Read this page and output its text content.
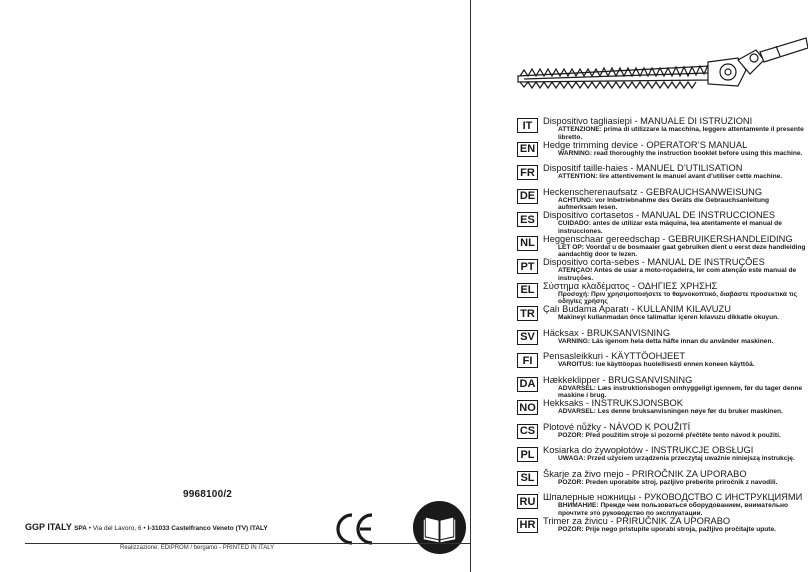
9968100/2
GGP ITALY SPA • Via del Lavoro, 6 • I-31033 Castelfranco Veneto (TV) ITALY
Realizzazione: EDIPROM / bergamo - PRINTED IN ITALY
IT	Dispositivo tagliasiepi - MANUALE DI ISTRUZIONI
ATTENZIONE: prima di utilizzare la macchina, leggere attentamente il presente libretto.
EN Hedge trimming device - OPERATOR’S MANUAL
WARNING: read thoroughly the instruction booklet before using this machine.
FR Dispositif taille-haies - MANUEL D’UTILISATION
ATTENTION: lire attentivement le manuel avant d’utiliser cette machine.
DE Heckenscherenaufsatz - GEBRAUCHSANWEISUNG
ACHTUNG: vor Inbetriebnahme des Geräts die Gebrauchsanleitung aufmerksam lesen.
ES Dispositivo cortasetos - MANUAL DE INSTRUCCIONES
CUIDADO: antes de utilizar esta máquina, lea atentamente el manual de instrucciones.
NL Heggenschaar gereedschap - GEBRUIKERSHANDLEIDING
LET OP: Voordat u de bosmaaier gaat gebruiken dient u eerst deze handleiding aandachtig door te lezen.
PT Dispositivo corta-sebes - MANUAL DE INSTRUÇÕES
ATENÇAO! Antes de usar a moto-roçadeira, ler com atenção este manual de instruções.
EL Σύστημα κλαδέματος - ΟΔΗΓΙΕΣ ΧΡΗΣΗΣ
Προσοχή: Πριν χρησιμοποιήσετε το θαμνοκοπτικό, διαβάστε προσεκτικά τις οδηγίες χρήσης
TR Çalı Budama Aparatı - KULLANIM KILAVUZU
Makineyi kullanmadan önce talimatlar içeren kılavuzu dikkatle okuyun.
SV Häcksax - BRUKSANVISNING
VARNING: Läs igenom hela detta häfte innan du använder maskinen.
FI	Pensasleikkuri - KÄYTTÖOHJEET
VAROITUS: lue käyttöopas huolellisesti ennen koneen käyttöä.
DA Hækkeklipper - BRUGSANVISNING
ADVARSEL: Læs instruktionsbogen omhyggeligt igennem, før du tager denne maskine i brug.
NO Hekksaks - INSTRUKSJONSBOK
ADVARSEL: Les denne bruksanvisningen nøye før du bruker maskinen.
CS Plotové nůžky - NÁVOD K POUŽITÍ
POZOR: Před použitím stroje si pozorně přečtěte tento návod k použití.
PL Kosiarka do żywopłotów - INSTRUKCJE OBSŁUGI
UWAGA: Przed użyciem urządzenia przeczytaj uważnie niniejszą instrukcję.
SL Škarje za živo mejo - PRIROČNIK ZA UPORABO
POZOR: Preden uporabite stroj, pazljivo preberite priročnik z navodili.
RU Шпалерные ножницы - РУКОВОДСТВО С ИНСТРУКЦИЯМИ
ВНИМАНИЕ: Прежде чем пользоваться оборудованием, внимательно прочтите это руководство по эксплуатации.
HR Trimer za živicu - PRIRUČNIK ZA UPORABO
POZOR: Prije nego pristupite uporabi stroja, pažljivo pročitajte upute.
